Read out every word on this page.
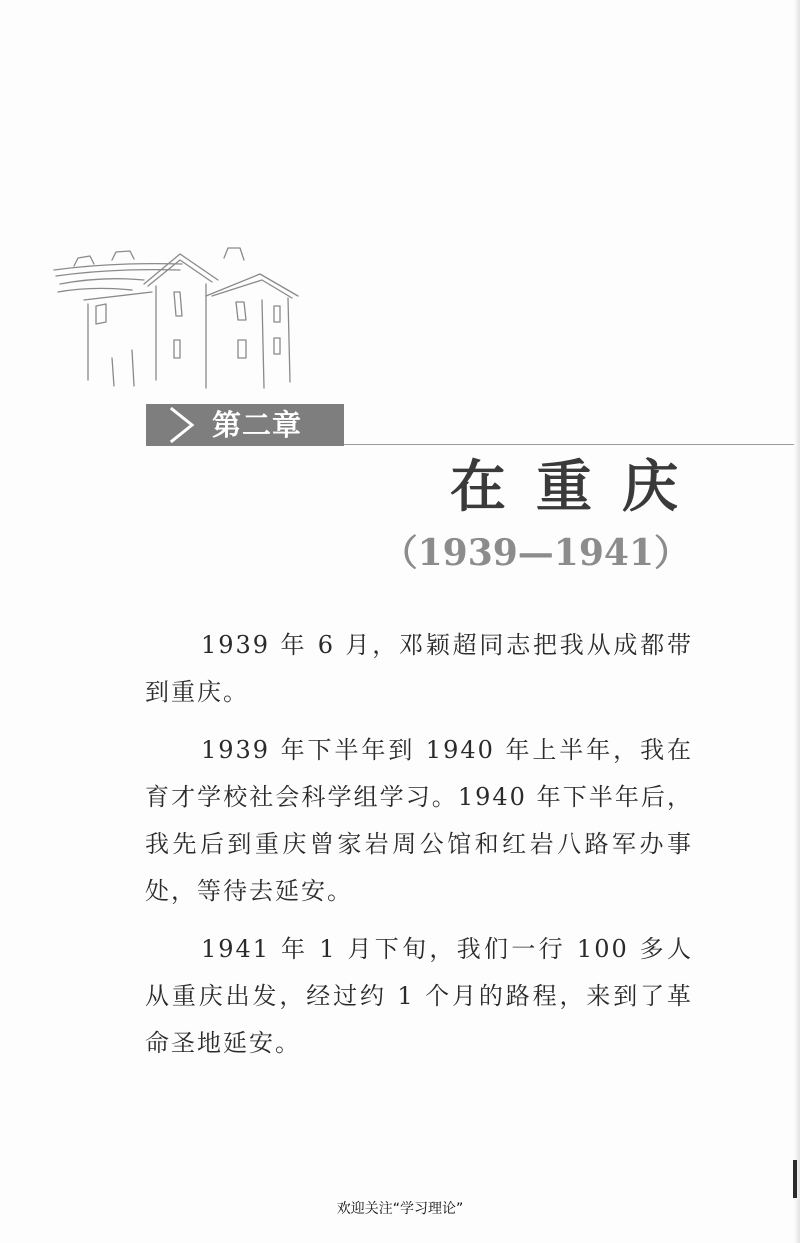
第二章
在重庆
（1939—1941）

1939 年 6 月，邓颖超同志把我从成都带到重庆。

1939 年下半年到 1940 年上半年，我在育才学校社会科学组学习。1940 年下半年后，我先后到重庆曾家岩周公馆和红岩八路军办事处，等待去延安。

1941 年 1 月下旬，我们一行 100 多人从重庆出发，经过约 1 个月的路程，来到了革命圣地延安。

欢迎关注“学习理论”
